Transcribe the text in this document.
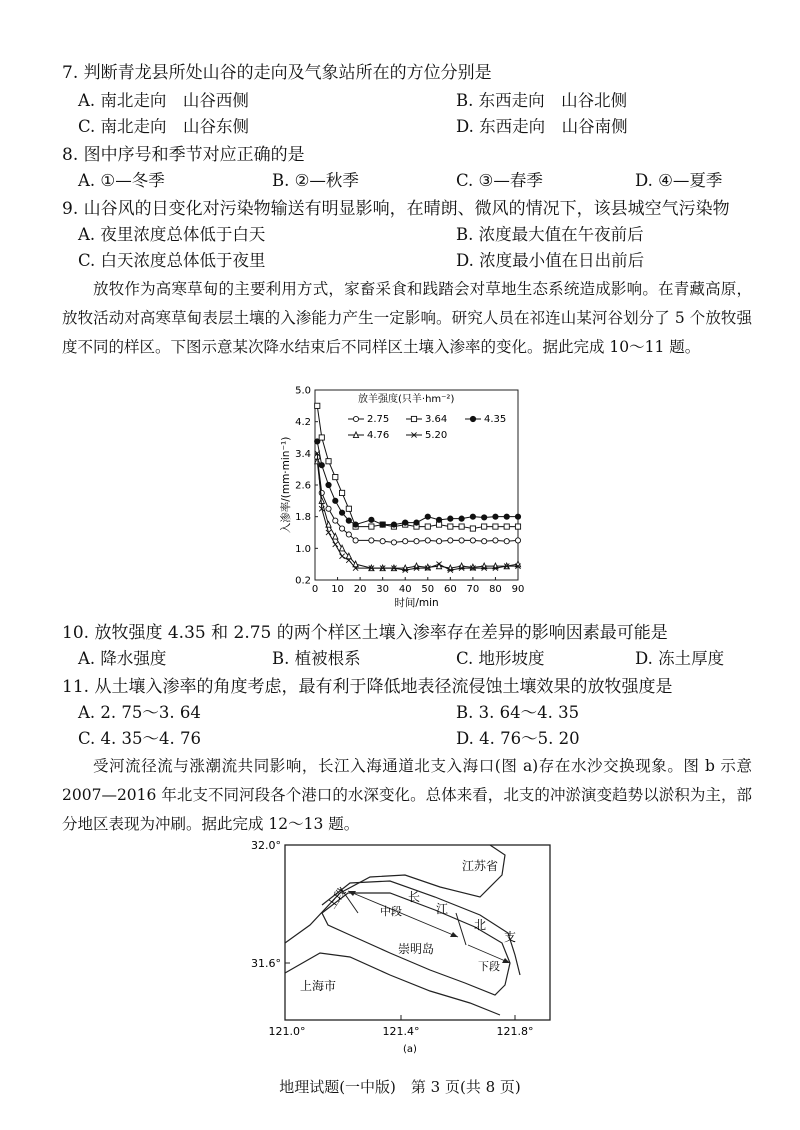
7. 判断青龙县所处山谷的走向及气象站所在的方位分别是
A. 南北走向　山谷西侧	B. 东西走向　山谷北侧
C. 南北走向　山谷东侧	D. 东西走向　山谷南侧
8. 图中序号和季节对应正确的是
A. ①—冬季	B. ②—秋季	C. ③—春季	D. ④—夏季
9. 山谷风的日变化对污染物输送有明显影响，在晴朗、微风的情况下，该县城空气污染物
A. 夜里浓度总体低于白天	B. 浓度最大值在午夜前后
C. 白天浓度总体低于夜里	D. 浓度最小值在日出前后
放牧作为高寒草甸的主要利用方式，家畜采食和践踏会对草地生态系统造成影响。在青藏高原，放牧活动对高寒草甸表层土壤的入渗能力产生一定影响。研究人员在祁连山某河谷划分了 5 个放牧强度不同的样区。下图示意某次降水结束后不同样区土壤入渗率的变化。据此完成 10～11 题。
0 10 20 30 40 50 60 70 80 90
0.2
1.0
1.8
2.6
3.4
4.2
5.0
时间/min
入渗率/(mm·min⁻¹)
放羊强度(只羊·hm⁻²)
2.75	3.64	4.35
4.76	5.20
10. 放牧强度 4.35 和 2.75 的两个样区土壤入渗率存在差异的影响因素最可能是
A. 降水强度	B. 植被根系	C. 地形坡度	D. 冻土厚度
11. 从土壤入渗率的角度考虑，最有利于降低地表径流侵蚀土壤效果的放牧强度是
A. 2. 75～3. 64	B. 3. 64～4. 35
C. 4. 35～4. 76	D. 4. 76～5. 20
受河流径流与涨潮流共同影响，长江入海通道北支入海口(图 a)存在水沙交换现象。图 b 示意 2007—2016 年北支不同河段各个港口的水深变化。总体来看，北支的冲淤演变趋势以淤积为主，部分地区表现为冲刷。据此完成 12～13 题。
32.0°
31.6°
121.0°	121.4°	121.8°
江苏省
上海市
崇明岛
上段
中段
下段
长
江
北
支
(a)
地理试题(一中版)　第 3 页(共 8 页)
